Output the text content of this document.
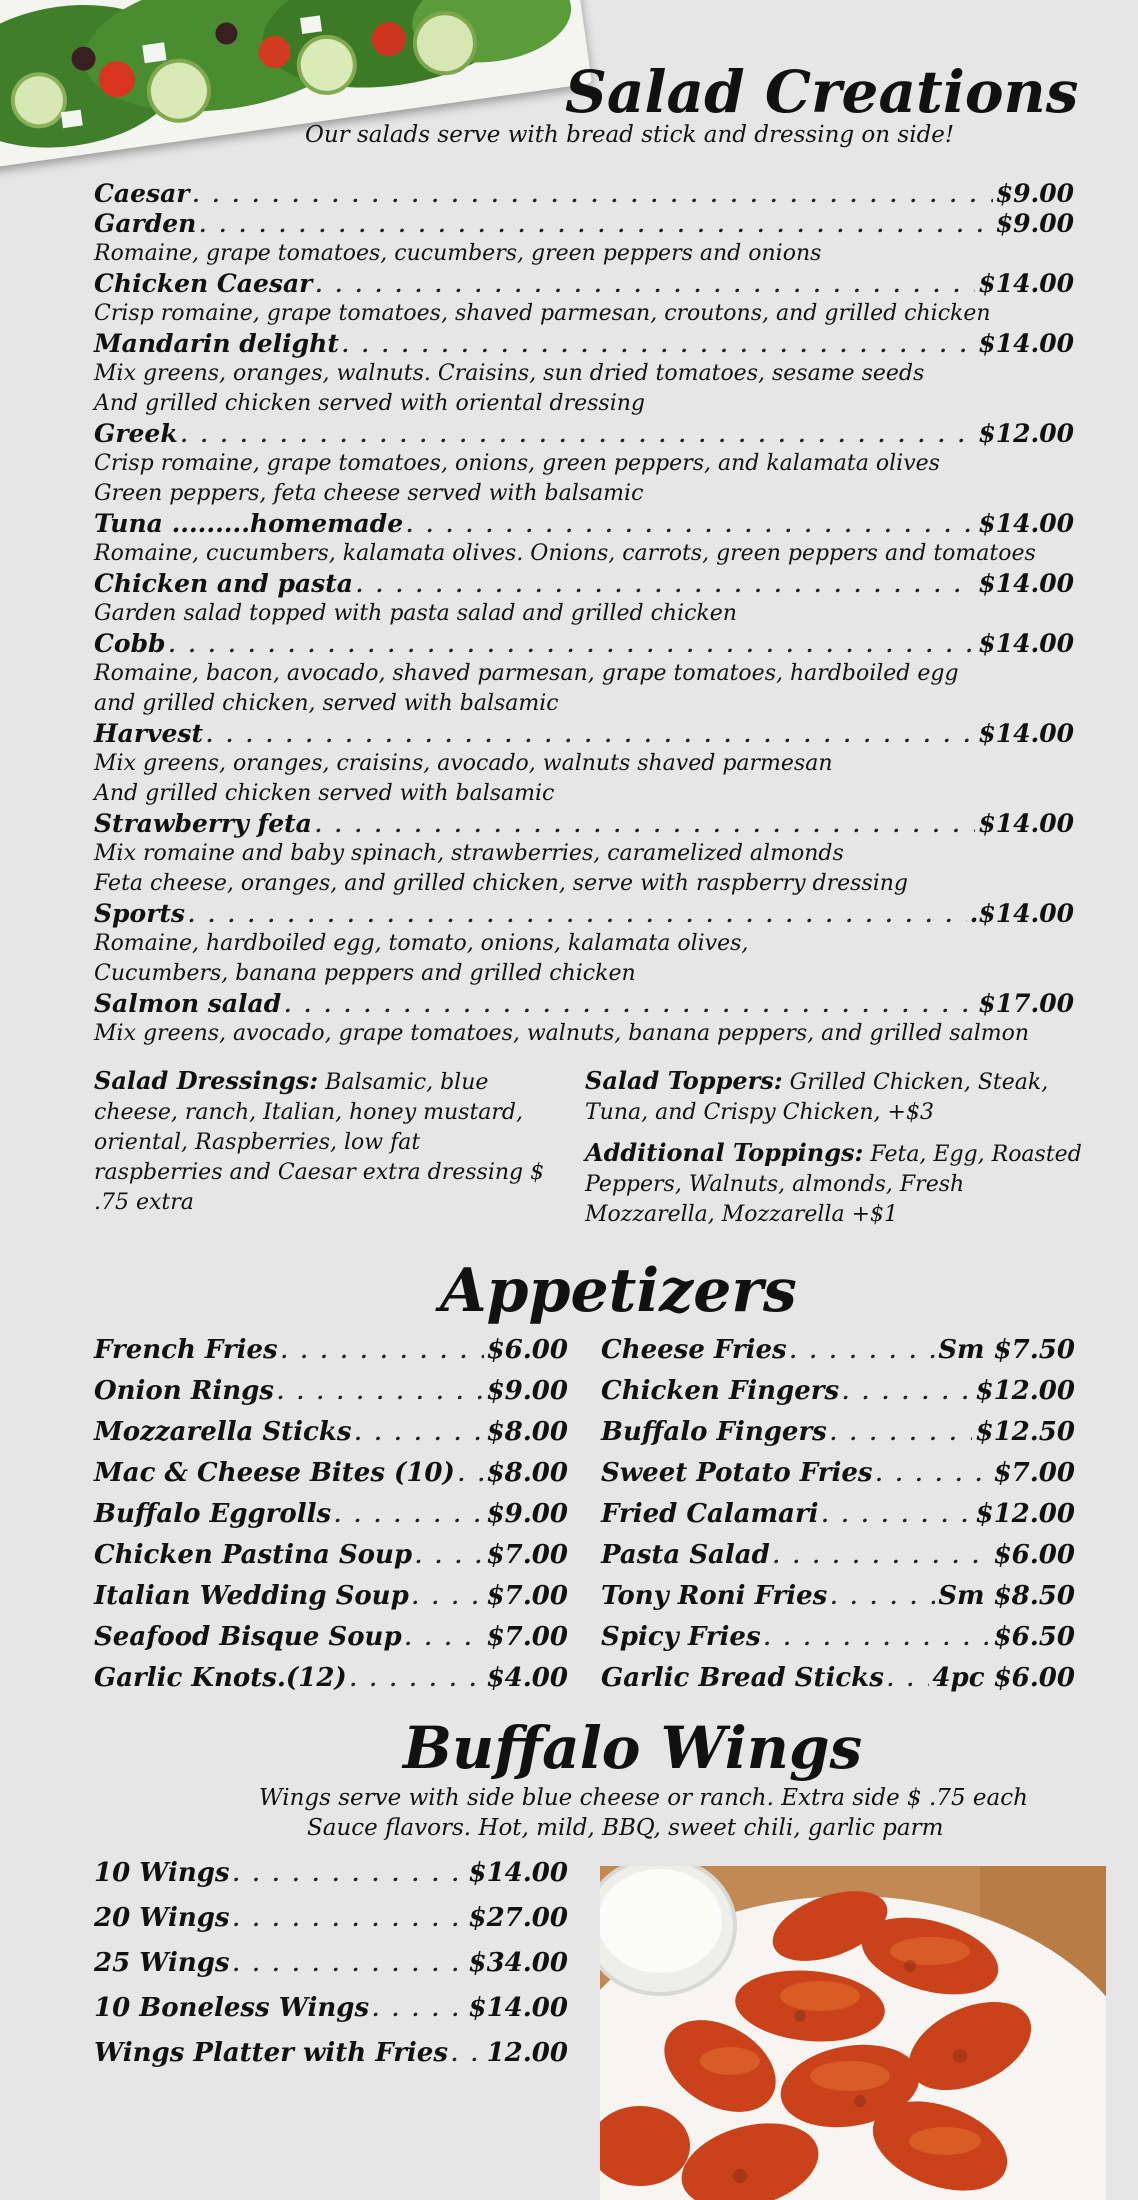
Salad Creations

Our salads serve with bread stick and dressing on side!

Caesar . . .	$9.00
Garden . . .	$9.00
Romaine, grape tomatoes, cucumbers, green peppers and onions
Chicken Caesar . . .	$14.00
Crisp romaine, grape tomatoes, shaved parmesan, croutons, and grilled chicken
Mandarin delight . . .	$14.00
Mix greens, oranges, walnuts. Craisins, sun dried tomatoes, sesame seeds
And grilled chicken served with oriental dressing
Greek . . .	$12.00
Crisp romaine, grape tomatoes, onions, green peppers, and kalamata olives
Green peppers, feta cheese served with balsamic
Tuna .........homemade . . .	$14.00
Romaine, cucumbers, kalamata olives. Onions, carrots, green peppers and tomatoes
Chicken and pasta . . .	$14.00
Garden salad topped with pasta salad and grilled chicken
Cobb . . .	$14.00
Romaine, bacon, avocado, shaved parmesan, grape tomatoes, hardboiled egg
and grilled chicken, served with balsamic
Harvest . . .	$14.00
Mix greens, oranges, craisins, avocado, walnuts shaved parmesan
And grilled chicken served with balsamic
Strawberry feta . . .	$14.00
Mix romaine and baby spinach, strawberries, caramelized almonds
Feta cheese, oranges, and grilled chicken, serve with raspberry dressing
Sports . . .	.$14.00
Romaine, hardboiled egg, tomato, onions, kalamata olives,
Cucumbers, banana peppers and grilled chicken
Salmon salad . . .	$17.00
Mix greens, avocado, grape tomatoes, walnuts, banana peppers, and grilled salmon
Salad Dressings: Balsamic, blue cheese, ranch, Italian, honey mustard, oriental, Raspberries, low fat raspberries and Caesar extra dressing $ .75 extra
Salad Toppers: Grilled Chicken, Steak, Tuna, and Crispy Chicken, +$3
Additional Toppings: Feta, Egg, Roasted Peppers, Walnuts, almonds, Fresh Mozzarella, Mozzarella +$1
Appetizers
French Fries . . .	$6.00
Onion Rings . . .	$9.00
Mozzarella Sticks . . .	$8.00
Mac & Cheese Bites (10) . . . $8.00
Buffalo Eggrolls . . .	$9.00
Chicken Pastina Soup . . .	$7.00
Italian Wedding Soup . . .	$7.00
Seafood Bisque Soup . . .	$7.00
Garlic Knots.(12) . . .	$4.00
Cheese Fries . . .	Sm $7.50
Chicken Fingers . . .	$12.00
Buffalo Fingers . . .	$12.50
Sweet Potato Fries . . .	$7.00
Fried Calamari . . .	$12.00
Pasta Salad . . .	$6.00
Tony Roni Fries . . .	Sm $8.50
Spicy Fries . . .	$6.50
Garlic Bread Sticks . . . 4pc $6.00
Buffalo Wings

Wings serve with side blue cheese or ranch. Extra side $ .75 each

Sauce flavors. Hot, mild, BBQ, sweet chili, garlic parm

10 Wings . . .	$14.00
20 Wings . . .	$27.00
25 Wings . . .	$34.00
10 Boneless Wings . . .	$14.00
Wings Platter with Fries . . . 12.00
